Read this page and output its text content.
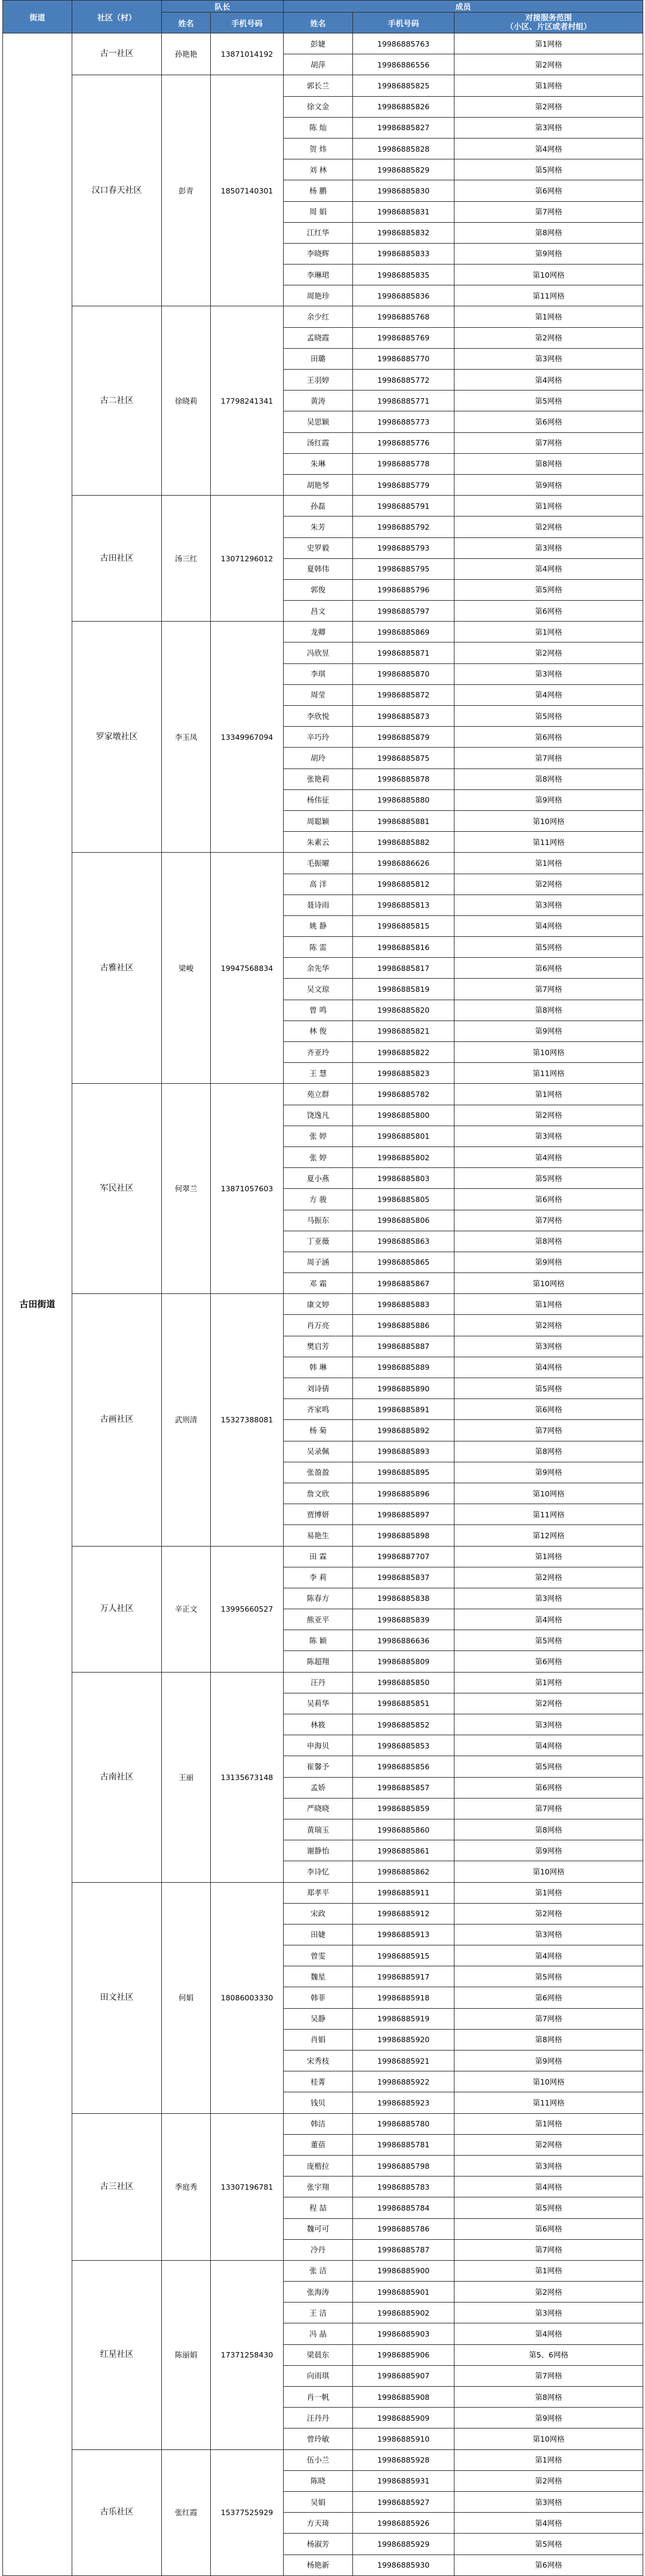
街道	社区（村）	队长		成员		
		姓名	手机号码	姓名	手机号码	对接服务范围
（小区、片区或者村组）

古田街道	古一社区	孙艳艳	13871014192	彭婕	19986885763	第1网格
				胡萍	19986886556	第2网格
	汉口春天社区	彭青	18507140301	郭长兰	19986885825	第1网格
				徐文金	19986885826	第2网格
				陈 灿	19986885827	第3网格
				贺 炜	19986885828	第4网格
				刘 林	19986885829	第5网格
				杨 鹏	19986885830	第6网格
				周 娟	19986885831	第7网格
				江红华	19986885832	第8网格
				李晓辉	19986885833	第9网格
				李琳珺	19986885835	第10网格
				周艳珍	19986885836	第11网格
	古二社区	徐晓莉	17798241341	余少红	19986885768	第1网格
				孟晓霞	19986885769	第2网格
				田璐	19986885770	第3网格
				王羽婷	19986885772	第4网格
				黄涛	19986885771	第5网格
				吴思颖	19986885773	第6网格
				汤红霞	19986885776	第7网格
				朱琳	19986885778	第8网格
				胡艳琴	19986885779	第9网格
	古田社区	汤三红	13071296012	孙磊	19986885791	第1网格
				朱芳	19986885792	第2网格
				史罗毅	19986885793	第3网格
				夏韩伟	19986885795	第4网格
				郭俊	19986885796	第5网格
				昌文	19986885797	第6网格
	罗家墩社区	李玉凤	13349967094	龙卿	19986885869	第1网格
				冯欣昱	19986885871	第2网格
				李琪	19986885870	第3网格
				周莹	19986885872	第4网格
				李欣悦	19986885873	第5网格
				辛巧玲	19986885879	第6网格
				胡玲	19986885875	第7网格
				张艳莉	19986885878	第8网格
				杨伟征	19986885880	第9网格
				周聪颖	19986885881	第10网格
				朱素云	19986885882	第11网格
	古雅社区	梁峻	19947568834	毛振曜	19986886626	第1网格
				高 洋	19986885812	第2网格
				聂诗雨	19986885813	第3网格
				姚 静	19986885815	第4网格
				陈 雷	19986885816	第5网格
				余先华	19986885817	第6网格
				吴文琼	19986885819	第7网格
				曾 鸣	19986885820	第8网格
				林 俊	19986885821	第9网格
				齐亚玲	19986885822	第10网格
				王 慧	19986885823	第11网格
	军民社区	何翠兰	13871057603	苑立群	19986885782	第1网格
				饶逸凡	19986885800	第2网格
				张 婷	19986885801	第3网格
				张 婷	19986885802	第4网格
				夏小燕	19986885803	第5网格
				方 骏	19986885805	第6网格
				马振东	19986885806	第7网格
				丁亚薇	19986885863	第8网格
				周子涵	19986885865	第9网格
				邓 霜	19986885867	第10网格
	古画社区	武则清	15327388081	康文婷	19986885883	第1网格
				肖万亮	19986885886	第2网格
				樊启芳	19986885887	第3网格
				韩 琳	19986885889	第4网格
				刘诗倩	19986885890	第5网格
				齐家鸣	19986885891	第6网格
				杨 菊	19986885892	第7网格
				吴录佩	19986885893	第8网格
				张盈盈	19986885895	第9网格
				詹文欣	19986885896	第10网格
				贾博妍	19986885897	第11网格
				易艳生	19986885898	第12网格
	万人社区	辛正文	13995660527	田 霖	19986887707	第1网格
				李 莉	19986885837	第2网格
				陈春方	19986885838	第3网格
				熊亚平	19986885839	第4网格
				陈 颖	19986886636	第5网格
				陈超翔	19986885809	第6网格
	古南社区	王丽	13135673148	汪丹	19986885850	第1网格
				吴莉华	19986885851	第2网格
				林筱	19986885852	第3网格
				申海贝	19986885853	第4网格
				崔馨予	19986885856	第5网格
				孟娇	19986885857	第6网格
				严晓晓	19986885859	第7网格
				黄瑞玉	19986885860	第8网格
				谢静怡	19986885861	第9网格
				李诗忆	19986885862	第10网格
	田文社区	何娟	18086003330	郑孝平	19986885911	第1网格
				宋政	19986885912	第2网格
				田婕	19986885913	第3网格
				曾雯	19986885915	第4网格
				魏星	19986885917	第5网格
				韩菲	19986885918	第6网格
				吴静	19986885919	第7网格
				肖娟	19986885920	第8网格
				宋秀枝	19986885921	第9网格
				桂菁	19986885922	第10网格
				钱贝	19986885923	第11网格
	古三社区	季庭秀	13307196781	韩洁	19986885780	第1网格
				董蓓	19986885781	第2网格
				庞楷拉	19986885798	第3网格
				张宇翔	19986885783	第4网格
				程 喆	19986885784	第5网格
				魏可可	19986885786	第6网格
				冷丹	19986885787	第7网格
	红星社区	陈丽娟	17371258430	张 洁	19986885900	第1网格
				张海涛	19986885901	第2网格
				王 洁	19986885902	第3网格
				冯 晶	19986885903	第4网格
				梁晨东	19986885906	第5、6网格
				向雨琪	19986885907	第7网格
				肖一帆	19986885908	第8网格
				汪丹丹	19986885909	第9网格
				曾玲敏	19986885910	第10网格
	古乐社区	张红霞	15377525929	伍小兰	19986885928	第1网格
				陈晓	19986885931	第2网格
				吴娟	19986885927	第3网格
				方天琦	19986885926	第4网格
				杨淑芳	19986885929	第5网格
				杨艳新	19986885930	第6网格
